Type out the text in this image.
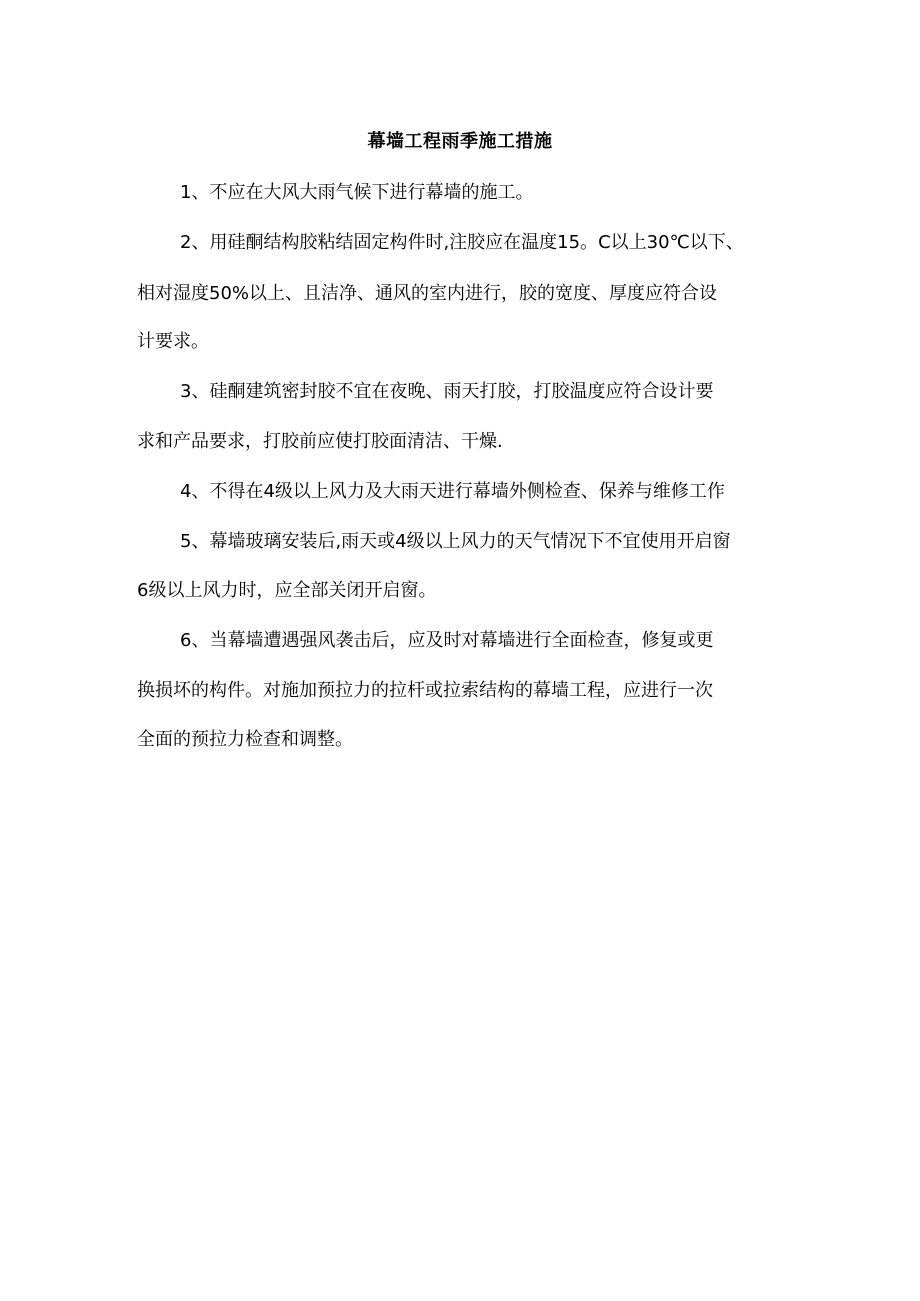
幕墙工程雨季施工措施
1、不应在大风大雨气候下进行幕墙的施工。
2、用硅酮结构胶粘结固定构件时,注胶应在温度15。C以上30℃以下、
相对湿度50%以上、且洁净、通风的室内进行，胶的宽度、厚度应符合设
计要求。
3、硅酮建筑密封胶不宜在夜晚、雨天打胶，打胶温度应符合设计要
求和产品要求，打胶前应使打胶面清洁、干燥.
4、不得在4级以上风力及大雨天进行幕墙外侧检查、保养与维修工作
5、幕墙玻璃安装后,雨天或4级以上风力的天气情况下不宜使用开启窗
6级以上风力时，应全部关闭开启窗。
6、当幕墙遭遇强风袭击后，应及时对幕墙进行全面检查，修复或更
换损坏的构件。对施加预拉力的拉杆或拉索结构的幕墙工程，应进行一次
全面的预拉力检查和调整。
